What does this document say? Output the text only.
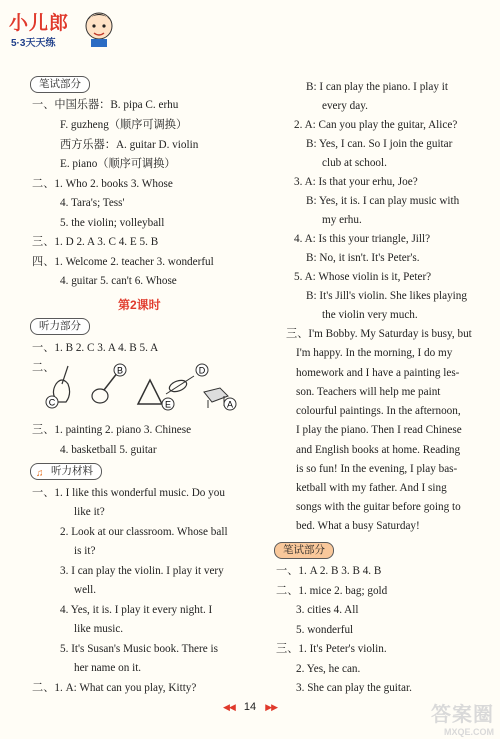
小儿郎
5·3天天练
笔试部分
一、中国乐器：B. pipa C. erhu
F. guzheng（顺序可调换）
西方乐器：A. guitar D. violin
E. piano（顺序可调换）
二、1. Who 2. books 3. Whose
4. Tara's; Tess'
5. the violin; volleyball
三、1. D 2. A 3. C 4. E 5. B
四、1. Welcome 2. teacher 3. wonderful
4. guitar 5. can't 6. Whose
第2课时
听力部分
一、1. B 2. C 3. A 4. B 5. A
二、
C
B
E
D
A
三、1. painting 2. piano 3. Chinese
4. basketball 5. guitar
♫ 听力材料
一、1. I like this wonderful music. Do you
like it?
2. Look at our classroom. Whose ball
is it?
3. I can play the violin. I play it very
well.
4. Yes, it is. I play it every night. I
like music.
5. It's Susan's Music book. There is
her name on it.
二、1. A: What can you play, Kitty?
B: I can play the piano. I play it
every day.
2. A: Can you play the guitar, Alice?
B: Yes, I can. So I join the guitar
club at school.
3. A: Is that your erhu, Joe?
B: Yes, it is. I can play music with
my erhu.
4. A: Is this your triangle, Jill?
B: No, it isn't. It's Peter's.
5. A: Whose violin is it, Peter?
B: It's Jill's violin. She likes playing
the violin very much.
三、I'm Bobby. My Saturday is busy, but
I'm happy. In the morning, I do my
homework and I have a painting les-
son. Teachers will help me paint
colourful paintings. In the afternoon,
I play the piano. Then I read Chinese
and English books at home. Reading
is so fun! In the evening, I play bas-
ketball with my father. And I sing
songs with the guitar before going to
bed. What a busy Saturday!
笔试部分
一、1. A 2. B 3. B 4. B
二、1. mice 2. bag; gold
3. cities 4. All
5. wonderful
三、1. It's Peter's violin.
2. Yes, he can.
3. She can play the guitar.
◀◀ 14 ▶▶	答案圈
MXQE.COM
